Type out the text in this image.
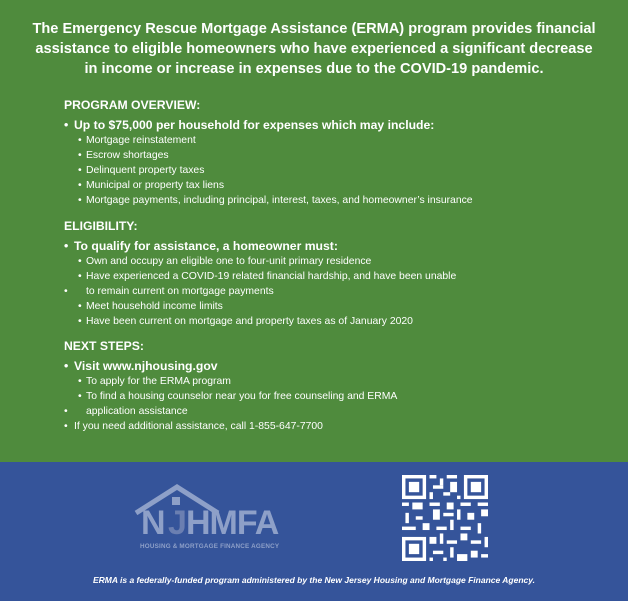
The Emergency Rescue Mortgage Assistance (ERMA) program provides financial
assistance to eligible homeowners who have experienced a significant decrease
in income or increase in expenses due to the COVID-19 pandemic.

PROGRAM OVERVIEW:

• Up to $75,000 per household for expenses which may include:

• Mortgage reinstatement

• Escrow shortages

• Delinquent property taxes

• Municipal or property tax liens

• Mortgage payments, including principal, interest, taxes, and homeowner’s insurance

ELIGIBILITY:

• To qualify for assistance, a homeowner must:

• Own and occupy an eligible one to four-unit primary residence

• Have experienced a COVID-19 related financial hardship, and have been unable

• to remain current on mortgage payments

• Meet household income limits

• Have been current on mortgage and property taxes as of January 2020

NEXT STEPS:

• Visit www.njhousing.gov

• To apply for the ERMA program

• To find a housing counselor near you for free counseling and ERMA

• application assistance

• If you need additional assistance, call 1-855-647-7700

N J HMFA
HOUSING & MORTGAGE FINANCE AGENCY
ERMA is a federally-funded program administered by the New Jersey Housing and Mortgage Finance Agency.
